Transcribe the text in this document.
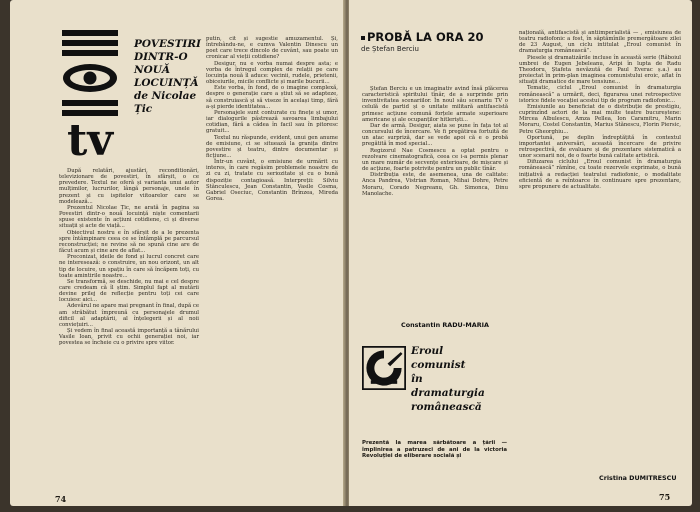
tv
POVESTIRI
DINTR-O
NOUĂ
LOCUINȚĂ
de Nicolae
Țic

După relatări, ajustări, reconditionări, televizionare de povestiri, în sfârșit, o ce prevedere. Textul ne oferă și varianta unui autor mulțimilor, lucrurilor, lângă personaje, unele în prezent și cu ispitelor viitoarelor care se modelează...

Prezentul Nicolae Țic, ne arată în pagina sa Povestiri dintr-o nouă locuință niște comentarii spuse existente în acțiuni cotidiene, ci și diverse situații și acte de viață...

Obiectivul nostru e în sfârșit de a le prezenta spre întâmpinare ceea ce se întâmplă pe parcursul reconstrucției; ne revine să ne spună cine are de făcut acum și cine are de aflat...

Preconizat, ideile de fond și lucrul concret care ne interesează: o construire, un nou orizont, un alt tip de locuire, un spațiu în care să încăpem toți, cu toate amintirile noastre...

Se transformă, se deschide, nu mai e cel despre care credeam că îl știm. Simplul fapt al mutării devine prilej de reflecție pentru toți cei care locuiesc aici...

Adevărul ne apare mai pregnant în final, după ce am străbătut împreună cu personajele drumul dificil al adaptării, al înțelegerii și al noii conviețuiri...

Și vedem în final această importanță a tânărului Vasile Ioan, privit cu ochii generației noi, iar povestea se încheie cu o privire spre viitor.

putin, cit și sugestie amuzamentul. Și, întrebându-ne, e cumva Valentin Dinescu un poet care trece dincolo de cuvânt, sau poate un cronicar al vieții cotidiene?

Desigur, nu e vorba numai despre asta; e vorba de întregul complex de relații pe care locuința nouă îl aduce: vecinii, rudele, prietenii, obiceiurile, micile conflicte și marile bucurii...

Este vorba, în fond, de o imagine complexă, despre o generație care a știut să se adapteze, să construiască și să viseze în același timp, fără a-și pierde identitatea...

Personajele sunt conturate cu finețe și umor, iar dialogurile păstrează savoarea limbajului cotidian, fără a cădea în facil sau în pitoresc gratuit...

Textul nu răspunde, evident, unui gen anume de emisiune, ci se situează la granița dintre povestire și teatru, dintre documentar și ficțiune...

Într-un cuvânt, o emisiune de urmărit cu interes, în care regăsim problemele noastre de zi cu zi, tratate cu seriozitate și cu o bună dispoziție contagioasă. Interpreții: Silviu Stănculescu, Jean Constantin, Vasile Cosma, Gabriel Oseciuc, Constantin Brînzea, Mireda Gorea.

74
PROBĂ LA ORA 20
de Ștefan Berciu

Ștefan Berciu e un imaginativ avind însă plăcerea caracteristică spiritului tînăr, de a surprinde prin inventivitatea scenariilor. În noul său scenariu TV o celulă de partid și o unitate militară antifascistă primesc acțiune comună forțele armate superioare americane și ale ocupanților hitleriști...

Dar de armă. Desigur, aiata se pune în fața tot al concursului de încercare. Ve fi pregătirea fortuită de un atac surpriză, dar se vede apoi că e o probă pregătită în mod special...

Regizorul Nae Cosmescu a optat pentru o rezolvare cinematografică, ceea ce i-a permis plenar un mare număr de secvențe exterioare, de mișcare și de acțiune, foarte potrivite pentru un public tînăr.

Distribuția este, de asemenea, una de calitate: Anca Pandrea, Vistrian Roman, Mihai Dohre, Petre Moraru, Corado Negreanu, Gh. Simonca, Dinu Manolache.

Constantin RADU-MARIA
Eroul
comunist
în
dramaturgia
românească
Prezentă la marea sărbătoare a țării — împlinirea a patruzeci de ani de la victoria Revoluției de eliberare socială și

națională, antifascistă și antiimperialistă — , emisiunea de teatru radiofonic a fost, în săptămînile premergătoare zilei de 23 August, un ciclu intitulat „Eroul comunist în dramaturgia românească”.

Piesele și dramatizările incluse în această serie (Răboiul umbrei de Eugen Jebeleanu, Aripi în lupta de Radu Theodoru, Ștafeta nevăzută de Paul Everac ș.a.) au proiectat în prim-plan imaginea comunistului eroic, aflat în situații dramatice de mare tensiune...

Tematic, ciclul „Eroul comunist în dramaturgia românească” a urmărit, deci, figurarea unei retrospective istorice fidele vocației acestui tip de program radiofonic...

Emisiunile au beneficiat de o distribuție de prestigiu, cuprinzînd actori de la mai multe teatre bucureștene: Mircea Albulescu, Amza Pellea, Ion Caramitru, Marin Moraru, Costel Constantin, Marius Stănescu, Florin Piersic, Petre Gheorghiu...

Oportună, pe deplin îndreptățită în contextul importantei aniversări, această încercare de privire retrospectivă, de evaluare și de prezentare sistematică a unor scenarii noi, de o foarte bună calitate artistică.

Difuzarea ciclului „Eroul comunist în dramaturgia românească” rămîne, cu toate rezervele exprimate, o bună inițiativă a redacției teatrului radiofonic, o modalitate eficientă de a reîntoarce în continuare spre prezentare, spre propunere de actualitate.

Cristina DUMITRESCU
75
